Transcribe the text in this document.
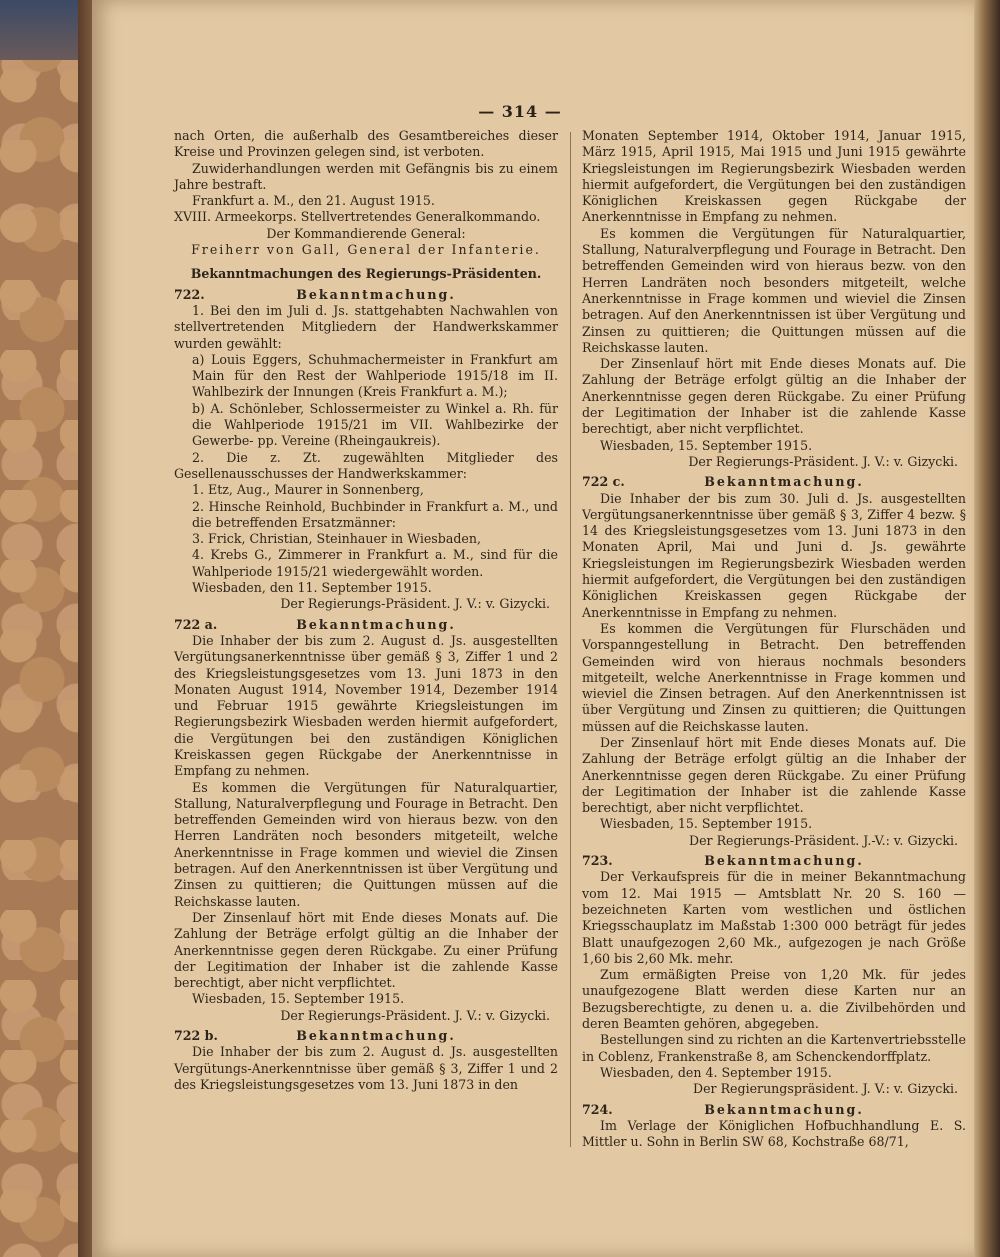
— 314 —

nach Orten, die außerhalb des Gesamtbereiches dieser Kreise und Provinzen gelegen sind, ist verboten.

Zuwiderhandlungen werden mit Gefängnis bis zu einem Jahre bestraft.

Frankfurt a. M., den 21. August 1915.

XVIII. Armeekorps. Stellvertretendes Generalkommando.

Der Kommandierende General:

Freiherr von Gall, General der Infanterie.

Bekanntmachungen des Regierungs-Präsidenten.
722.	Bekanntmachung.

1. Bei den im Juli d. Js. stattgehabten Nachwahlen von stellvertretenden Mitgliedern der Handwerkskammer wurden gewählt:

a) Louis Eggers, Schuhmachermeister in Frankfurt am Main für den Rest der Wahlperiode 1915/18 im II. Wahlbezirk der Innungen (Kreis Frankfurt a. M.);

b) A. Schönleber, Schlossermeister zu Winkel a. Rh. für die Wahlperiode 1915/21 im VII. Wahlbezirke der Gewerbe- pp. Vereine (Rheingaukreis).

2. Die z. Zt. zugewählten Mitglieder des Gesellenausschusses der Handwerkskammer:

1. Etz, Aug., Maurer in Sonnenberg,

2. Hinsche Reinhold, Buchbinder in Frankfurt a. M., und die betreffenden Ersatzmänner:

3. Frick, Christian, Steinhauer in Wiesbaden,

4. Krebs G., Zimmerer in Frankfurt a. M., sind für die Wahlperiode 1915/21 wiedergewählt worden.

Wiesbaden, den 11. September 1915.

Der Regierungs-Präsident. J. V.: v. Gizycki.

722 a.	Bekanntmachung.

Die Inhaber der bis zum 2. August d. Js. ausgestellten Vergütungsanerkenntnisse über gemäß § 3, Ziffer 1 und 2 des Kriegsleistungsgesetzes vom 13. Juni 1873 in den Monaten August 1914, November 1914, Dezember 1914 und Februar 1915 gewährte Kriegsleistungen im Regierungsbezirk Wiesbaden werden hiermit aufgefordert, die Vergütungen bei den zuständigen Königlichen Kreiskassen gegen Rückgabe der Anerkenntnisse in Empfang zu nehmen.

Es kommen die Vergütungen für Naturalquartier, Stallung, Naturalverpflegung und Fourage in Betracht. Den betreffenden Gemeinden wird von hieraus bezw. von den Herren Landräten noch besonders mitgeteilt, welche Anerkenntnisse in Frage kommen und wieviel die Zinsen betragen. Auf den Anerkenntnissen ist über Vergütung und Zinsen zu quittieren; die Quittungen müssen auf die Reichskasse lauten.

Der Zinsenlauf hört mit Ende dieses Monats auf. Die Zahlung der Beträge erfolgt gültig an die Inhaber der Anerkenntnisse gegen deren Rückgabe. Zu einer Prüfung der Legitimation der Inhaber ist die zahlende Kasse berechtigt, aber nicht verpflichtet.

Wiesbaden, 15. September 1915.

Der Regierungs-Präsident. J. V.: v. Gizycki.

722 b.	Bekanntmachung.

Die Inhaber der bis zum 2. August d. Js. ausgestellten Vergütungs-Anerkenntnisse über gemäß § 3, Ziffer 1 und 2 des Kriegsleistungsgesetzes vom 13. Juni 1873 in den

Monaten September 1914, Oktober 1914, Januar 1915, März 1915, April 1915, Mai 1915 und Juni 1915 gewährte Kriegsleistungen im Regierungsbezirk Wiesbaden werden hiermit aufgefordert, die Vergütungen bei den zuständigen Königlichen Kreiskassen gegen Rückgabe der Anerkenntnisse in Empfang zu nehmen.

Es kommen die Vergütungen für Naturalquartier, Stallung, Naturalverpflegung und Fourage in Betracht. Den betreffenden Gemeinden wird von hieraus bezw. von den Herren Landräten noch besonders mitgeteilt, welche Anerkenntnisse in Frage kommen und wieviel die Zinsen betragen. Auf den Anerkenntnissen ist über Vergütung und Zinsen zu quittieren; die Quittungen müssen auf die Reichskasse lauten.

Der Zinsenlauf hört mit Ende dieses Monats auf. Die Zahlung der Beträge erfolgt gültig an die Inhaber der Anerkenntnisse gegen deren Rückgabe. Zu einer Prüfung der Legitimation der Inhaber ist die zahlende Kasse berechtigt, aber nicht verpflichtet.

Wiesbaden, 15. September 1915.

Der Regierungs-Präsident. J. V.: v. Gizycki.

722 c.	Bekanntmachung.

Die Inhaber der bis zum 30. Juli d. Js. ausgestellten Vergütungsanerkenntnisse über gemäß § 3, Ziffer 4 bezw. § 14 des Kriegsleistungsgesetzes vom 13. Juni 1873 in den Monaten April, Mai und Juni d. Js. gewährte Kriegsleistungen im Regierungsbezirk Wiesbaden werden hiermit aufgefordert, die Vergütungen bei den zuständigen Königlichen Kreiskassen gegen Rückgabe der Anerkenntnisse in Empfang zu nehmen.

Es kommen die Vergütungen für Flurschäden und Vorspanngestellung in Betracht. Den betreffenden Gemeinden wird von hieraus nochmals besonders mitgeteilt, welche Anerkenntnisse in Frage kommen und wieviel die Zinsen betragen. Auf den Anerkenntnissen ist über Vergütung und Zinsen zu quittieren; die Quittungen müssen auf die Reichskasse lauten.

Der Zinsenlauf hört mit Ende dieses Monats auf. Die Zahlung der Beträge erfolgt gültig an die Inhaber der Anerkenntnisse gegen deren Rückgabe. Zu einer Prüfung der Legitimation der Inhaber ist die zahlende Kasse berechtigt, aber nicht verpflichtet.

Wiesbaden, 15. September 1915.

Der Regierungs-Präsident. J.-V.: v. Gizycki.

723.	Bekanntmachung.

Der Verkaufspreis für die in meiner Bekanntmachung vom 12. Mai 1915 — Amtsblatt Nr. 20 S. 160 — bezeichneten Karten vom westlichen und östlichen Kriegsschauplatz im Maßstab 1:300 000 beträgt für jedes Blatt unaufgezogen 2,60 Mk., aufgezogen je nach Größe 1,60 bis 2,60 Mk. mehr.

Zum ermäßigten Preise von 1,20 Mk. für jedes unaufgezogene Blatt werden diese Karten nur an Bezugsberechtigte, zu denen u. a. die Zivilbehörden und deren Beamten gehören, abgegeben.

Bestellungen sind zu richten an die Kartenvertriebsstelle in Coblenz, Frankenstraße 8, am Schenckendorffplatz.

Wiesbaden, den 4. September 1915.

Der Regierungspräsident. J. V.: v. Gizycki.

724.	Bekanntmachung.

Im Verlage der Königlichen Hofbuchhandlung E. S. Mittler u. Sohn in Berlin SW 68, Kochstraße 68/71,
